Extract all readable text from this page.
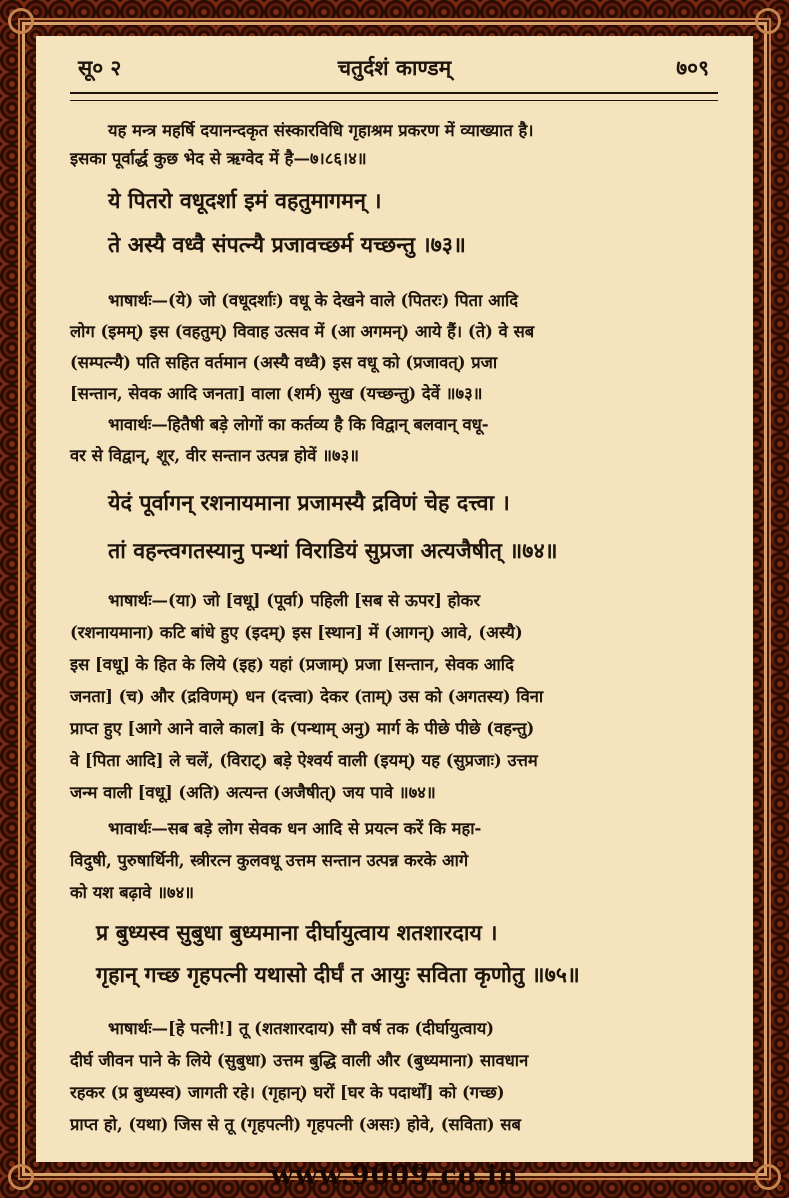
चतुर्दशं काण्डम्
सू० २	७०९
यह मन्त्र महर्षि दयानन्दकृत संस्कारविधि गृहाश्रम प्रकरण में व्याख्यात है।
इसका पूर्वार्द्ध कुछ भेद से ऋग्वेद में है—७।८६।४॥
ये पितरो वधूदर्शा इमं वहतुमागमन् ।
ते अस्यै वध्वै संपत्न्यै प्रजावच्छर्म यच्छन्तु ।७३॥
भाषार्थः—(ये) जो (वधूदर्शाः) वधू के देखने वाले (पितरः) पिता आदि
लोग (इमम्) इस (वहतुम्) विवाह उत्सव में (आ अगमन्) आये हैं। (ते) वे सब
(सम्पत्न्यै) पति सहित वर्तमान (अस्यै वध्वै) इस वधू को (प्रजावत्) प्रजा
[सन्तान, सेवक आदि जनता] वाला (शर्म) सुख (यच्छन्तु) देवें ॥७३॥
भावार्थः—हितैषी बड़े लोगों का कर्तव्य है कि विद्वान् बलवान् वधू-
वर से विद्वान्, शूर, वीर सन्तान उत्पन्न होवें ॥७३॥
येदं पूर्वागन् रशनायमाना प्रजामस्यै द्रविणं चेह दत्त्वा ।
तां वहन्त्वगतस्यानु पन्थां विराडियं सुप्रजा अत्यजैषीत् ॥७४॥
भाषार्थः—(या) जो [वधू] (पूर्वा) पहिली [सब से ऊपर] होकर
(रशनायमाना) कटि बांधे हुए (इदम्) इस [स्थान] में (आगन्) आवे, (अस्यै)
इस [वधू] के हित के लिये (इह) यहां (प्रजाम्) प्रजा [सन्तान, सेवक आदि
जनता] (च) और (द्रविणम्) धन (दत्त्वा) देकर (ताम्) उस को (अगतस्य) विना
प्राप्त हुए [आगे आने वाले काल] के (पन्थाम् अनु) मार्ग के पीछे पीछे (वहन्तु)
वे [पिता आदि] ले चलें, (विराट्) बड़े ऐश्वर्य वाली (इयम्) यह (सुप्रजाः) उत्तम
जन्म वाली [वधू] (अति) अत्यन्त (अजैषीत्) जय पावे ॥७४॥
भावार्थः—सब बड़े लोग सेवक धन आदि से प्रयत्न करें कि महा-
विदुषी, पुरुषार्थिनी, स्त्रीरत्न कुलवधू उत्तम सन्तान उत्पन्न करके आगे
को यश बढ़ावे ॥७४॥
प्र बुध्यस्व सुबुधा बुध्यमाना दीर्घायुत्वाय शतशारदाय ।
गृहान् गच्छ गृहपत्नी यथासो दीर्घं त आयुः सविता कृणोतु ॥७५॥
भाषार्थः—[हे पत्नी!] तू (शतशारदाय) सौ वर्ष तक (दीर्घायुत्वाय)
दीर्घ जीवन पाने के लिये (सुबुधा) उत्तम बुद्धि वाली और (बुध्यमाना) सावधान
रहकर (प्र बुध्यस्व) जागती रहे। (गृहान्) घरों [घर के पदार्थों] को (गच्छ)
प्राप्त हो, (यथा) जिस से तू (गृहपत्नी) गृहपत्नी (असः) होवे, (सविता) सब
www.9009.co.in
